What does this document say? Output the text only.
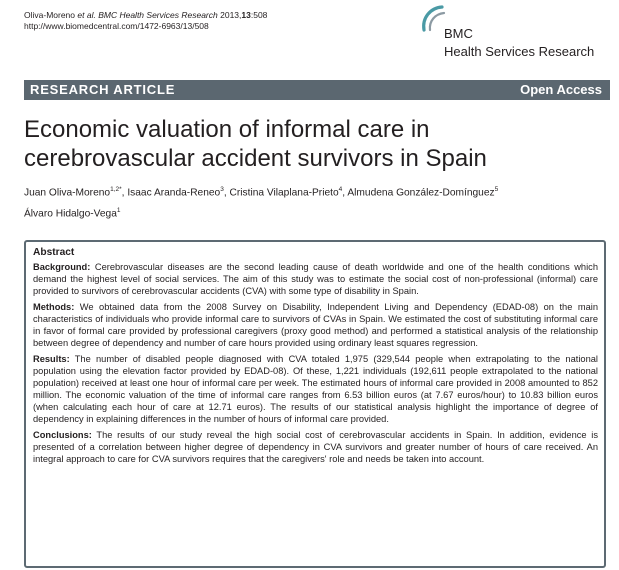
Oliva-Moreno et al. BMC Health Services Research 2013,13:508
http://www.biomedcentral.com/1472-6963/13/508	BMC
Health Services Research
RESEARCH ARTICLE	Open Access
Economic valuation of informal care in cerebrovascular accident survivors in Spain
Juan Oliva-Moreno$^{1,2*}$, Isaac Aranda-Reneo$^3$, Cristina Vilaplana-Prieto$^4$, Almudena González-Domínguez$^5$
Álvaro Hidalgo-Vega$^1$
Abstract

Background: Cerebrovascular diseases are the second leading cause of death worldwide and one of the health conditions which demand the highest level of social services. The aim of this study was to estimate the social cost of non-professional (informal) care provided to survivors of cerebrovascular accidents (CVA) with some type of disability in Spain.

Methods: We obtained data from the 2008 Survey on Disability, Independent Living and Dependency (EDAD-08) on the main characteristics of individuals who provide informal care to survivors of CVAs in Spain. We estimated the cost of substituting informal care in favor of formal care provided by professional caregivers (proxy good method) and performed a statistical analysis of the relationship between degree of dependency and number of care hours provided using ordinary least squares regression.

Results: The number of disabled people diagnosed with CVA totaled 1,975 (329,544 people when extrapolating to the national population using the elevation factor provided by EDAD-08). Of these, 1,221 individuals (192,611 people extrapolated to the national population) received at least one hour of informal care per week. The estimated hours of informal care provided in 2008 amounted to 852 million. The economic valuation of the time of informal care ranges from 6.53 billion euros (at 7.67 euros/hour) to 10.83 billion euros (when calculating each hour of care at 12.71 euros). The results of our statistical analysis highlight the importance of degree of dependency in explaining differences in the number of hours of informal care provided.

Conclusions: The results of our study reveal the high social cost of cerebrovascular accidents in Spain. In addition, evidence is presented of a correlation between higher degree of dependency in CVA survivors and greater number of hours of care received. An integral approach to care for CVA survivors requires that the caregivers' role and needs be taken into account.
